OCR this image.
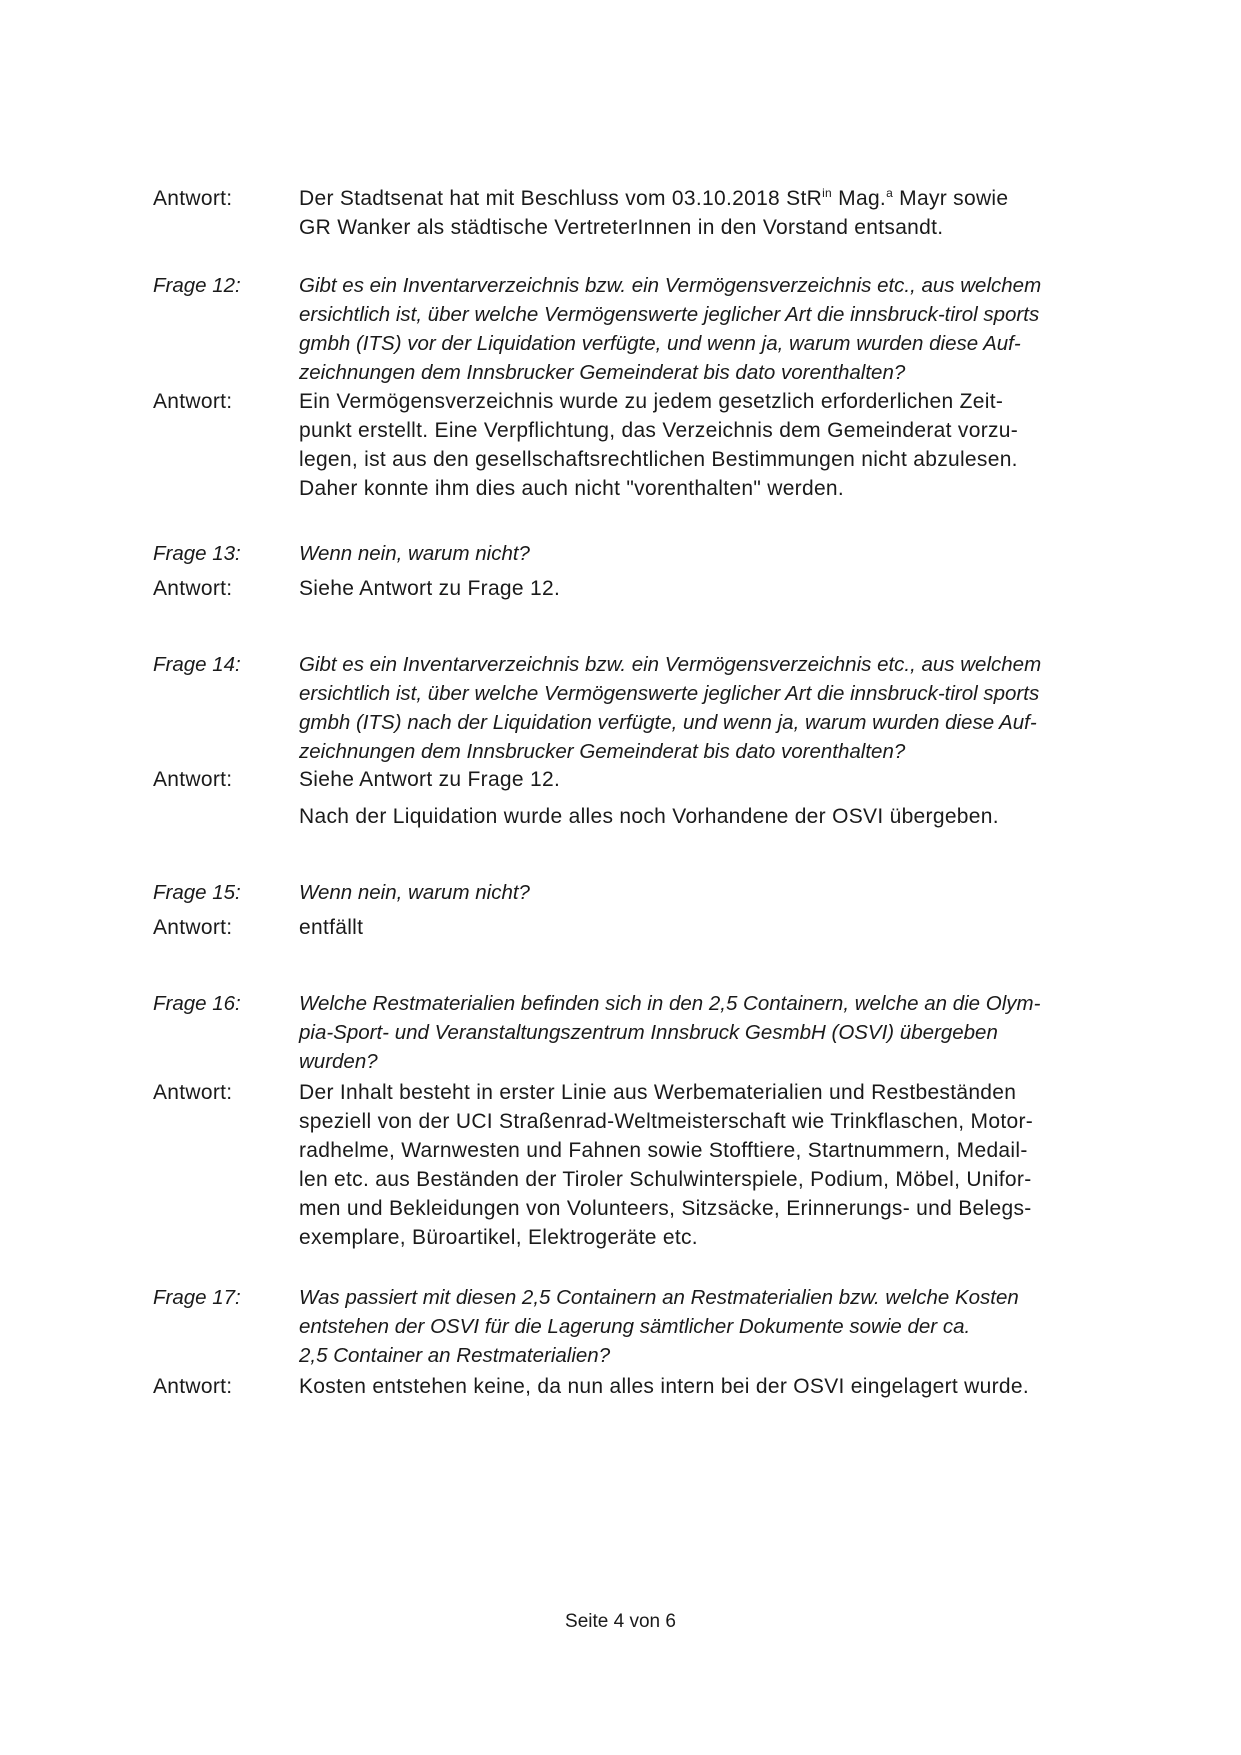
Antwort:	Der Stadtsenat hat mit Beschluss vom 03.10.2018 StR$^{in}$ Mag.$^a$ Mayr sowie
GR Wanker als städtische VertreterInnen in den Vorstand entsandt.
Frage 12:	Gibt es ein Inventarverzeichnis bzw. ein Vermögensverzeichnis etc., aus welchem
ersichtlich ist, über welche Vermögenswerte jeglicher Art die innsbruck-tirol sports
gmbh (ITS) vor der Liquidation verfügte, und wenn ja, warum wurden diese Auf-
zeichnungen dem Innsbrucker Gemeinderat bis dato vorenthalten?
Antwort:	Ein Vermögensverzeichnis wurde zu jedem gesetzlich erforderlichen Zeit-
punkt erstellt. Eine Verpflichtung, das Verzeichnis dem Gemeinderat vorzu-
legen, ist aus den gesellschaftsrechtlichen Bestimmungen nicht abzulesen.
Daher konnte ihm dies auch nicht "vorenthalten" werden.
Frage 13:	Wenn nein, warum nicht?
Antwort:	Siehe Antwort zu Frage 12.
Frage 14:	Gibt es ein Inventarverzeichnis bzw. ein Vermögensverzeichnis etc., aus welchem
ersichtlich ist, über welche Vermögenswerte jeglicher Art die innsbruck-tirol sports
gmbh (ITS) nach der Liquidation verfügte, und wenn ja, warum wurden diese Auf-
zeichnungen dem Innsbrucker Gemeinderat bis dato vorenthalten?
Antwort:	Siehe Antwort zu Frage 12.
Nach der Liquidation wurde alles noch Vorhandene der OSVI übergeben.
Frage 15:	Wenn nein, warum nicht?
Antwort:	entfällt
Frage 16:	Welche Restmaterialien befinden sich in den 2,5 Containern, welche an die Olym-
pia-Sport- und Veranstaltungszentrum Innsbruck GesmbH (OSVI) übergeben
wurden?
Antwort:	Der Inhalt besteht in erster Linie aus Werbematerialien und Restbeständen
speziell von der UCI Straßenrad-Weltmeisterschaft wie Trinkflaschen, Motor-
radhelme, Warnwesten und Fahnen sowie Stofftiere, Startnummern, Medail-
len etc. aus Beständen der Tiroler Schulwinterspiele, Podium, Möbel, Unifor-
men und Bekleidungen von Volunteers, Sitzsäcke, Erinnerungs- und Belegs-
exemplare, Büroartikel, Elektrogeräte etc.
Frage 17:	Was passiert mit diesen 2,5 Containern an Restmaterialien bzw. welche Kosten
entstehen der OSVI für die Lagerung sämtlicher Dokumente sowie der ca.
2,5 Container an Restmaterialien?
Antwort:	Kosten entstehen keine, da nun alles intern bei der OSVI eingelagert wurde.
Seite 4 von 6
